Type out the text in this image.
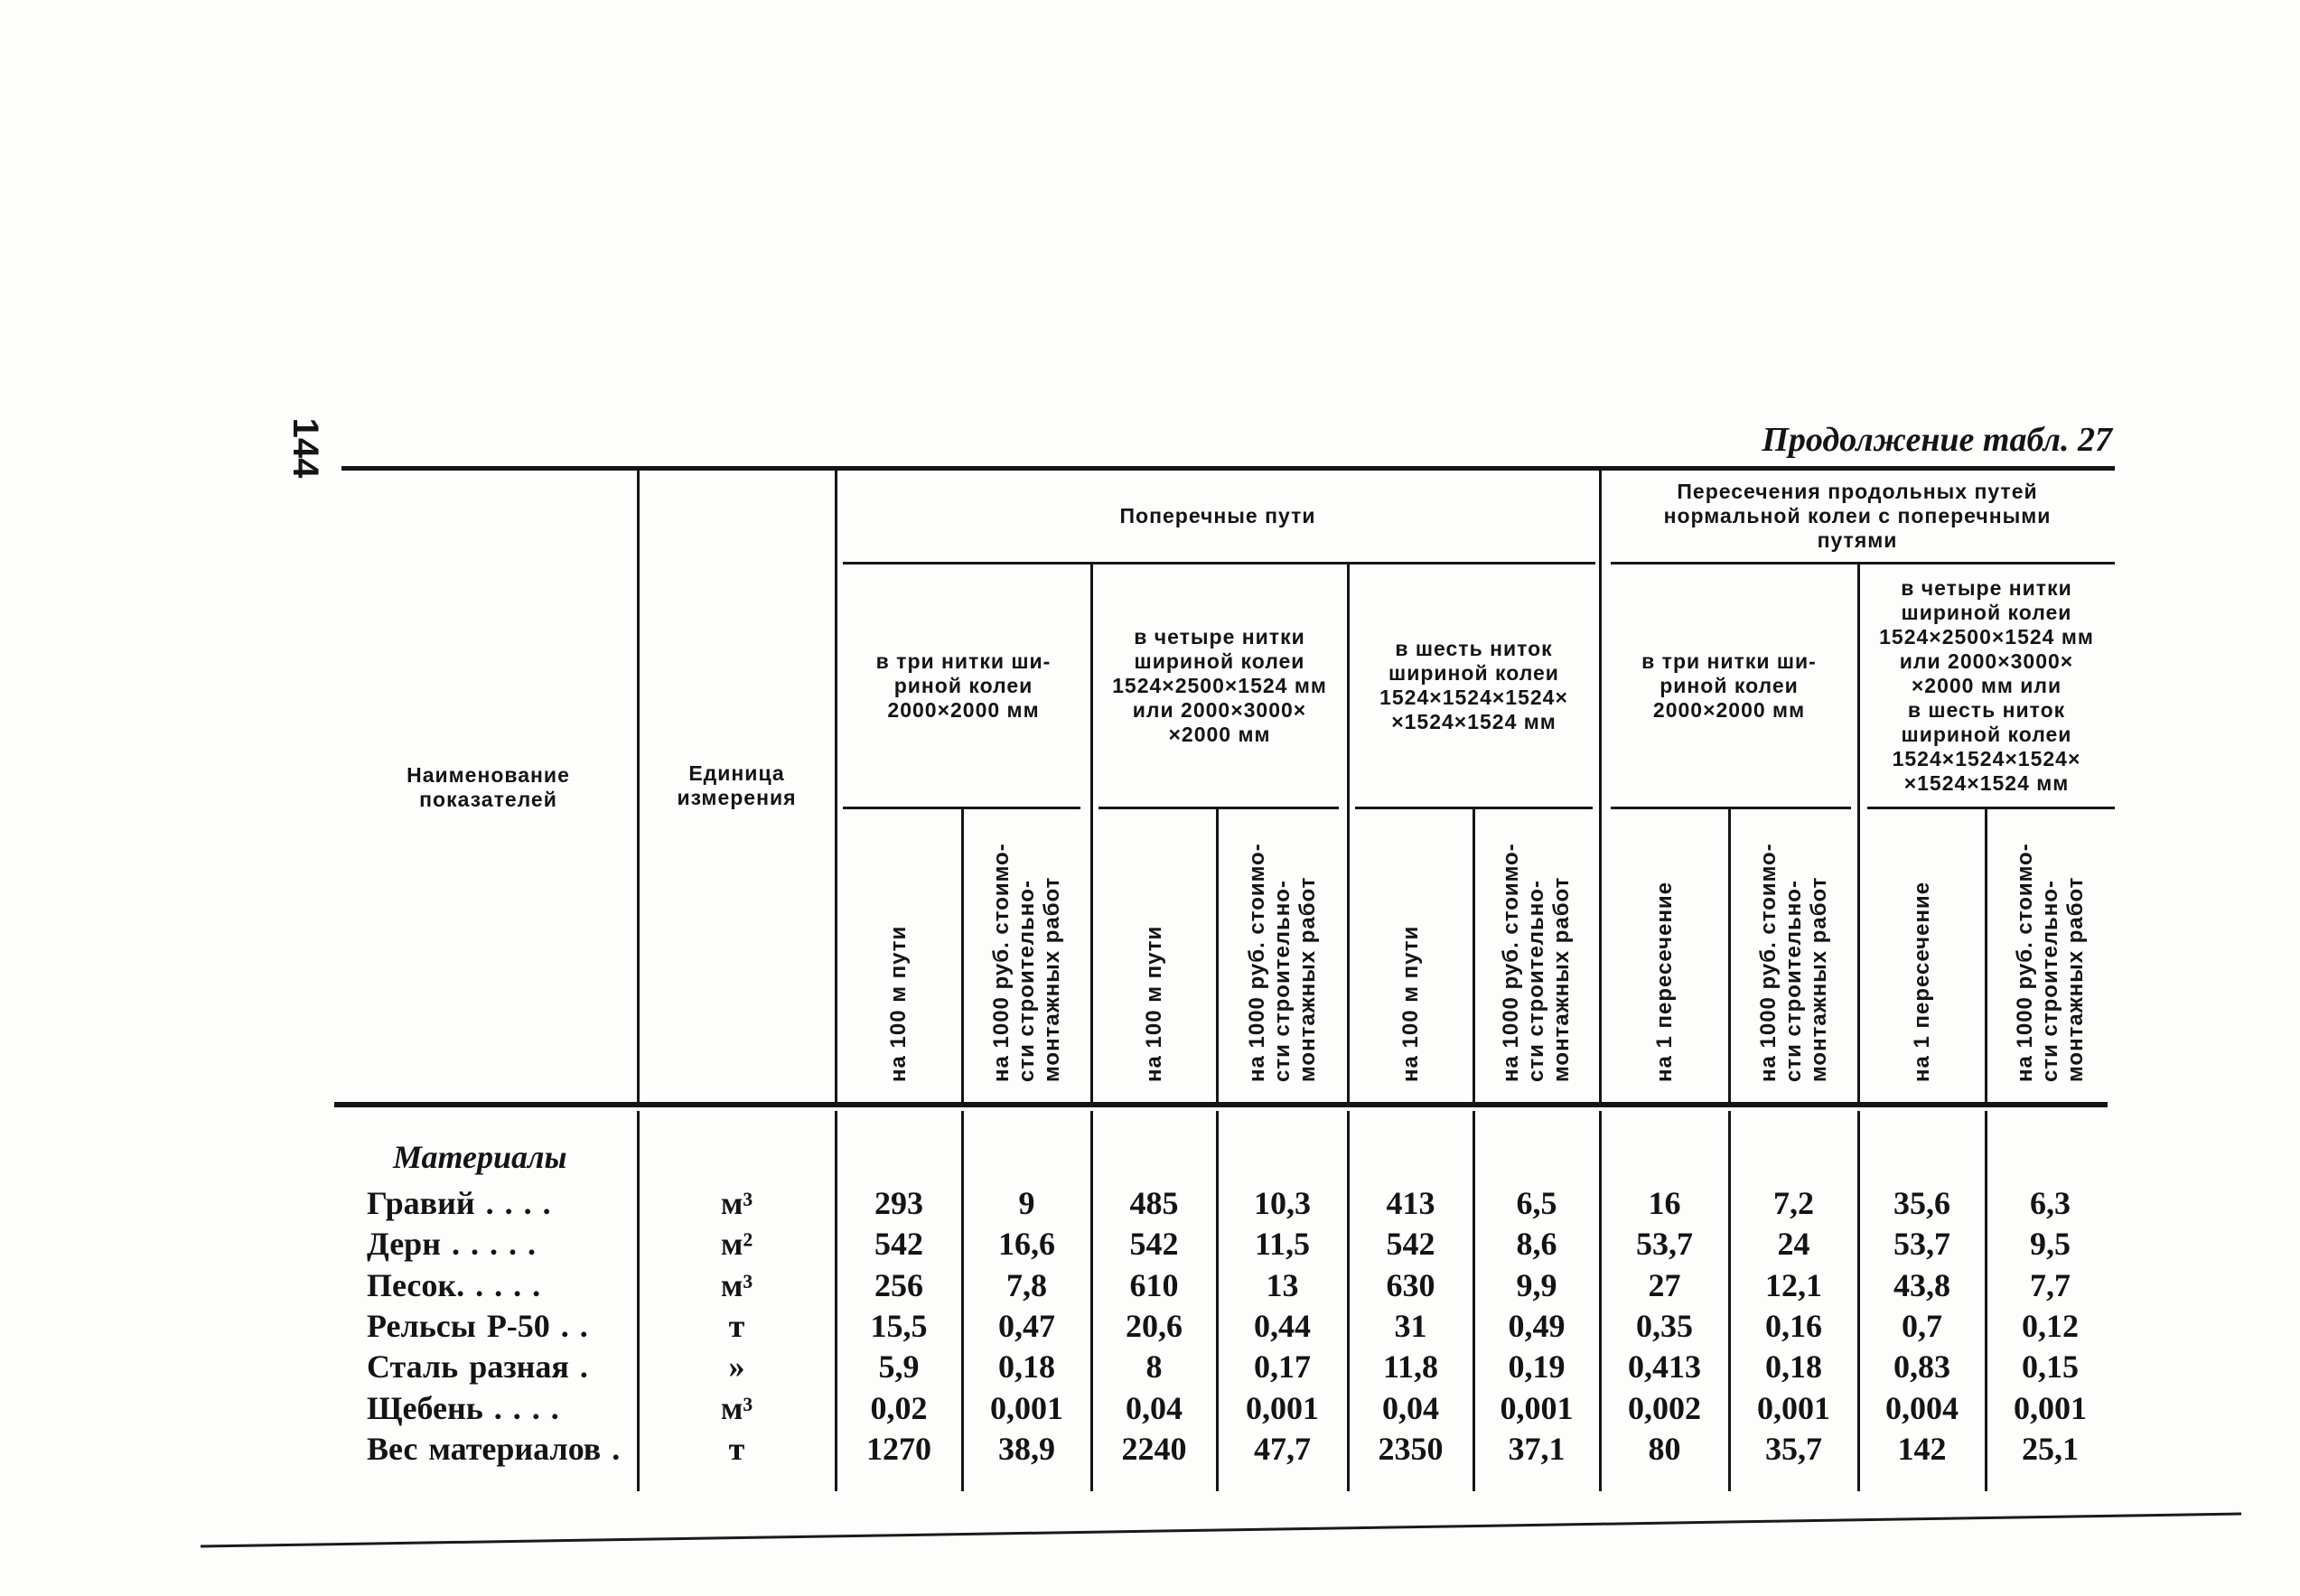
144	Продолжение табл. 27
Наименование
показателей
Единица
измерения
Поперечные пути
Пересечения продольных путей
нормальной колеи с поперечными
путями
в три нитки ши-
риной колеи
2000×2000 мм
в четыре нитки
шириной колеи
1524×2500×1524 мм
или 2000×3000×
×2000 мм
в шесть ниток
шириной колеи
1524×1524×1524×
×1524×1524 мм
в три нитки ши-
риной колеи
2000×2000 мм
в четыре нитки
шириной колеи
1524×2500×1524 мм
или 2000×3000×
×2000 мм или
в шесть ниток
шириной колеи
1524×1524×1524×
×1524×1524 мм
на 100 м пути	на 1000 руб. стоимо- сти строительно- монтажных работ	на 100 м пути	на 1000 руб. стоимо- сти строительно- монтажных работ	на 100 м пути	на 1000 руб. стоимо- сти строительно- монтажных работ	на 1 пересечение	на 1000 руб. стоимо- сти строительно- монтажных работ	на 1 пересечение	на 1000 руб. стоимо- сти строительно- монтажных работ
Материалы
Гравий . . . .	м³	293	9	485	10,3	413	6,5	16	7,2	35,6	6,3
Дерн . . . . .	м²	542	16,6	542	11,5	542	8,6	53,7	24	53,7	9,5
Песок. . . . .	м³	256	7,8	610	13	630	9,9	27	12,1	43,8	7,7
Рельсы Р-50 . .	т	15,5	0,47	20,6	0,44	31	0,49	0,35	0,16	0,7	0,12
Сталь разная .	»	5,9	0,18	8	0,17	11,8	0,19	0,413	0,18	0,83	0,15
Щебень . . . .	м³	0,02	0,001	0,04	0,001	0,04	0,001	0,002	0,001	0,004	0,001
Вес материалов .	т	1270	38,9	2240	47,7	2350	37,1	80	35,7	142	25,1
